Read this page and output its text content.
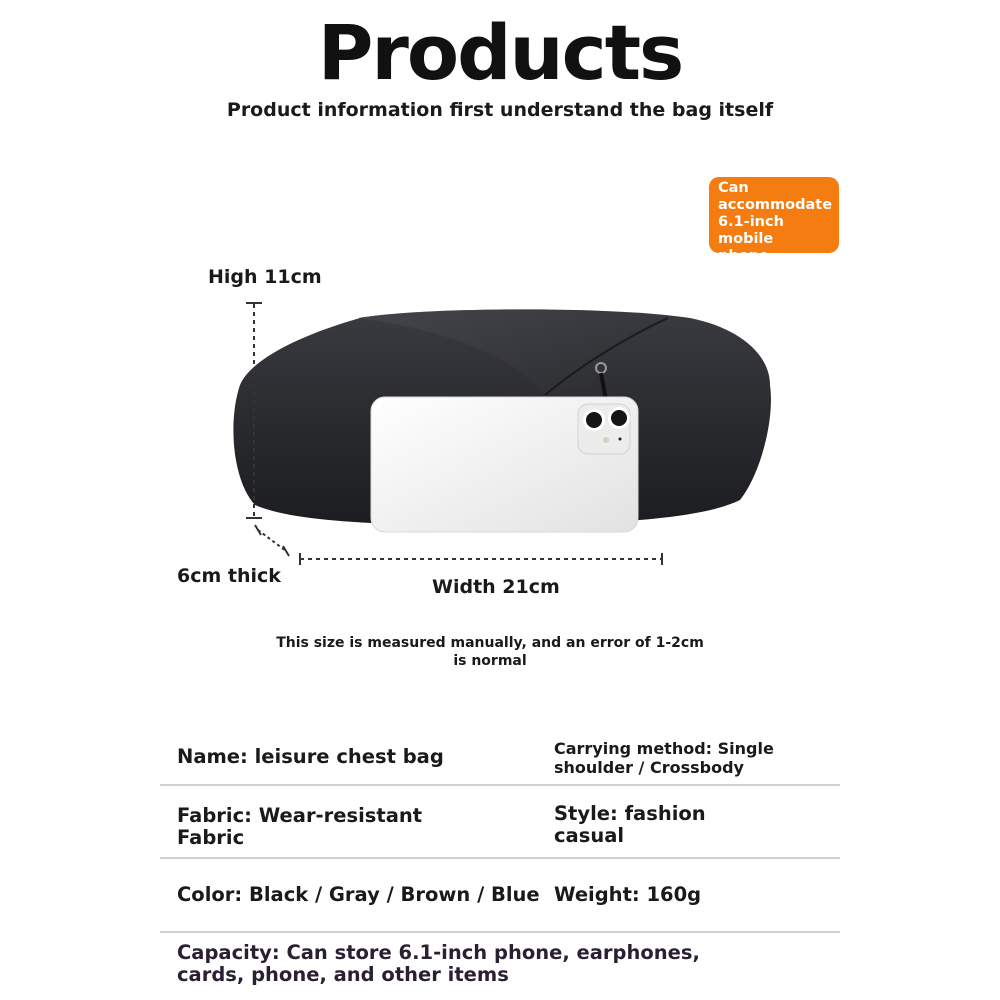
Products
Product information first understand the bag itself
Can
accommodate
6.1-inch mobile
phone
High 11cm
6cm thick	Width 21cm
This size is measured manually, and an error of 1-2cm is normal
Name: leisure chest bag	Carrying method: Single shoulder / Crossbody
Fabric: Wear-resistant Fabric
Style: fashion casual
Color: Black / Gray / Brown / Blue Weight: 160g
Capacity: Can store 6.1-inch phone, earphones, cards, phone, and other items
